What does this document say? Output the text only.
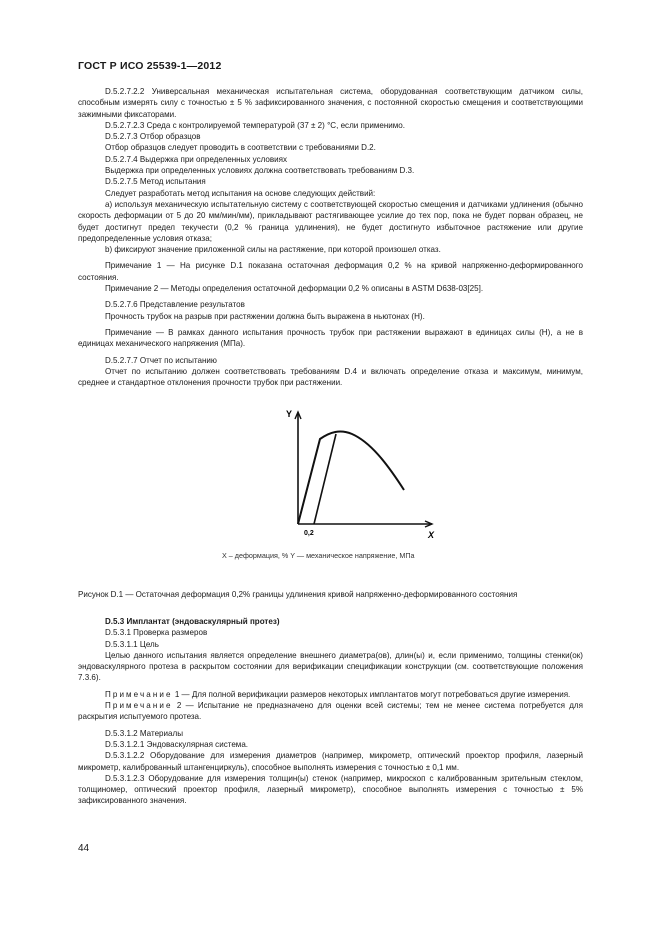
ГОСТ Р ИСО 25539-1—2012

D.5.2.7.2.2 Универсальная механическая испытательная система, оборудованная соответствующим датчиком силы, способным измерять силу с точностью ± 5 % зафиксированного значения, с постоянной скоростью смещения и соответствующими зажимными фиксаторами.

D.5.2.7.2.3 Среда с контролируемой температурой (37 ± 2) °С, если применимо.

D.5.2.7.3 Отбор образцов

Отбор образцов следует проводить в соответствии с требованиями D.2.

D.5.2.7.4 Выдержка при определенных условиях

Выдержка при определенных условиях должна соответствовать требованиям D.3.

D.5.2.7.5 Метод испытания

Следует разработать метод испытания на основе следующих действий:

а) используя механическую испытательную систему с соответствующей скоростью смещения и датчиками удлинения (обычно скорость деформации от 5 до 20 мм/мин/мм), прикладывают растягивающее усилие до тех пор, пока не будет порван образец, не будет достигнут предел текучести (0,2 % граница удлинения), не будет достигнуто избыточное растяжение или другие предопределенные условия отказа;

b) фиксируют значение приложенной силы на растяжение, при которой произошел отказ.

Примечание 1 — На рисунке D.1 показана остаточная деформация 0,2 % на кривой напряженно-деформированного состояния.

Примечание 2 — Методы определения остаточной деформации 0,2 % описаны в ASTM D638-03[25].

D.5.2.7.6 Представление результатов

Прочность трубок на разрыв при растяжении должна быть выражена в ньютонах (Н).

Примечание — В рамках данного испытания прочность трубок при растяжении выражают в единицах силы (Н), а не в единицах механического напряжения (МПа).

D.5.2.7.7 Отчет по испытанию

Отчет по испытанию должен соответствовать требованиям D.4 и включать определение отказа и максимум, минимум, среднее и стандартное отклонения прочности трубок при растяжении.

Y
X
0,2
X – деформация, % Y — механическое напряжение, МПа
Рисунок D.1 — Остаточная деформация 0,2% границы удлинения кривой напряженно-деформированного состояния

D.5.3 Имплантат (эндоваскулярный протез)

D.5.3.1 Проверка размеров

D.5.3.1.1 Цель

Целью данного испытания является определение внешнего диаметра(ов), длин(ы) и, если применимо, толщины стенки(ок) эндоваскулярного протеза в раскрытом состоянии для верификации спецификации конструкции (см. соответствующие положения 7.3.6).

Примечание 1 — Для полной верификации размеров некоторых имплантатов могут потребоваться другие измерения.

Примечание 2 — Испытание не предназначено для оценки всей системы; тем не менее система потребуется для раскрытия испытуемого протеза.

D.5.3.1.2 Материалы

D.5.3.1.2.1 Эндоваскулярная система.

D.5.3.1.2.2 Оборудование для измерения диаметров (например, микрометр, оптический проектор профиля, лазерный микрометр, калиброванный штангенциркуль), способное выполнять измерения с точностью ± 0,1 мм.

D.5.3.1.2.3 Оборудование для измерения толщин(ы) стенок (например, микроскоп с калиброванным зрительным стеклом, толщиномер, оптический проектор профиля, лазерный микрометр), способное выполнять измерения с точностью ± 5% зафиксированного значения.

44
